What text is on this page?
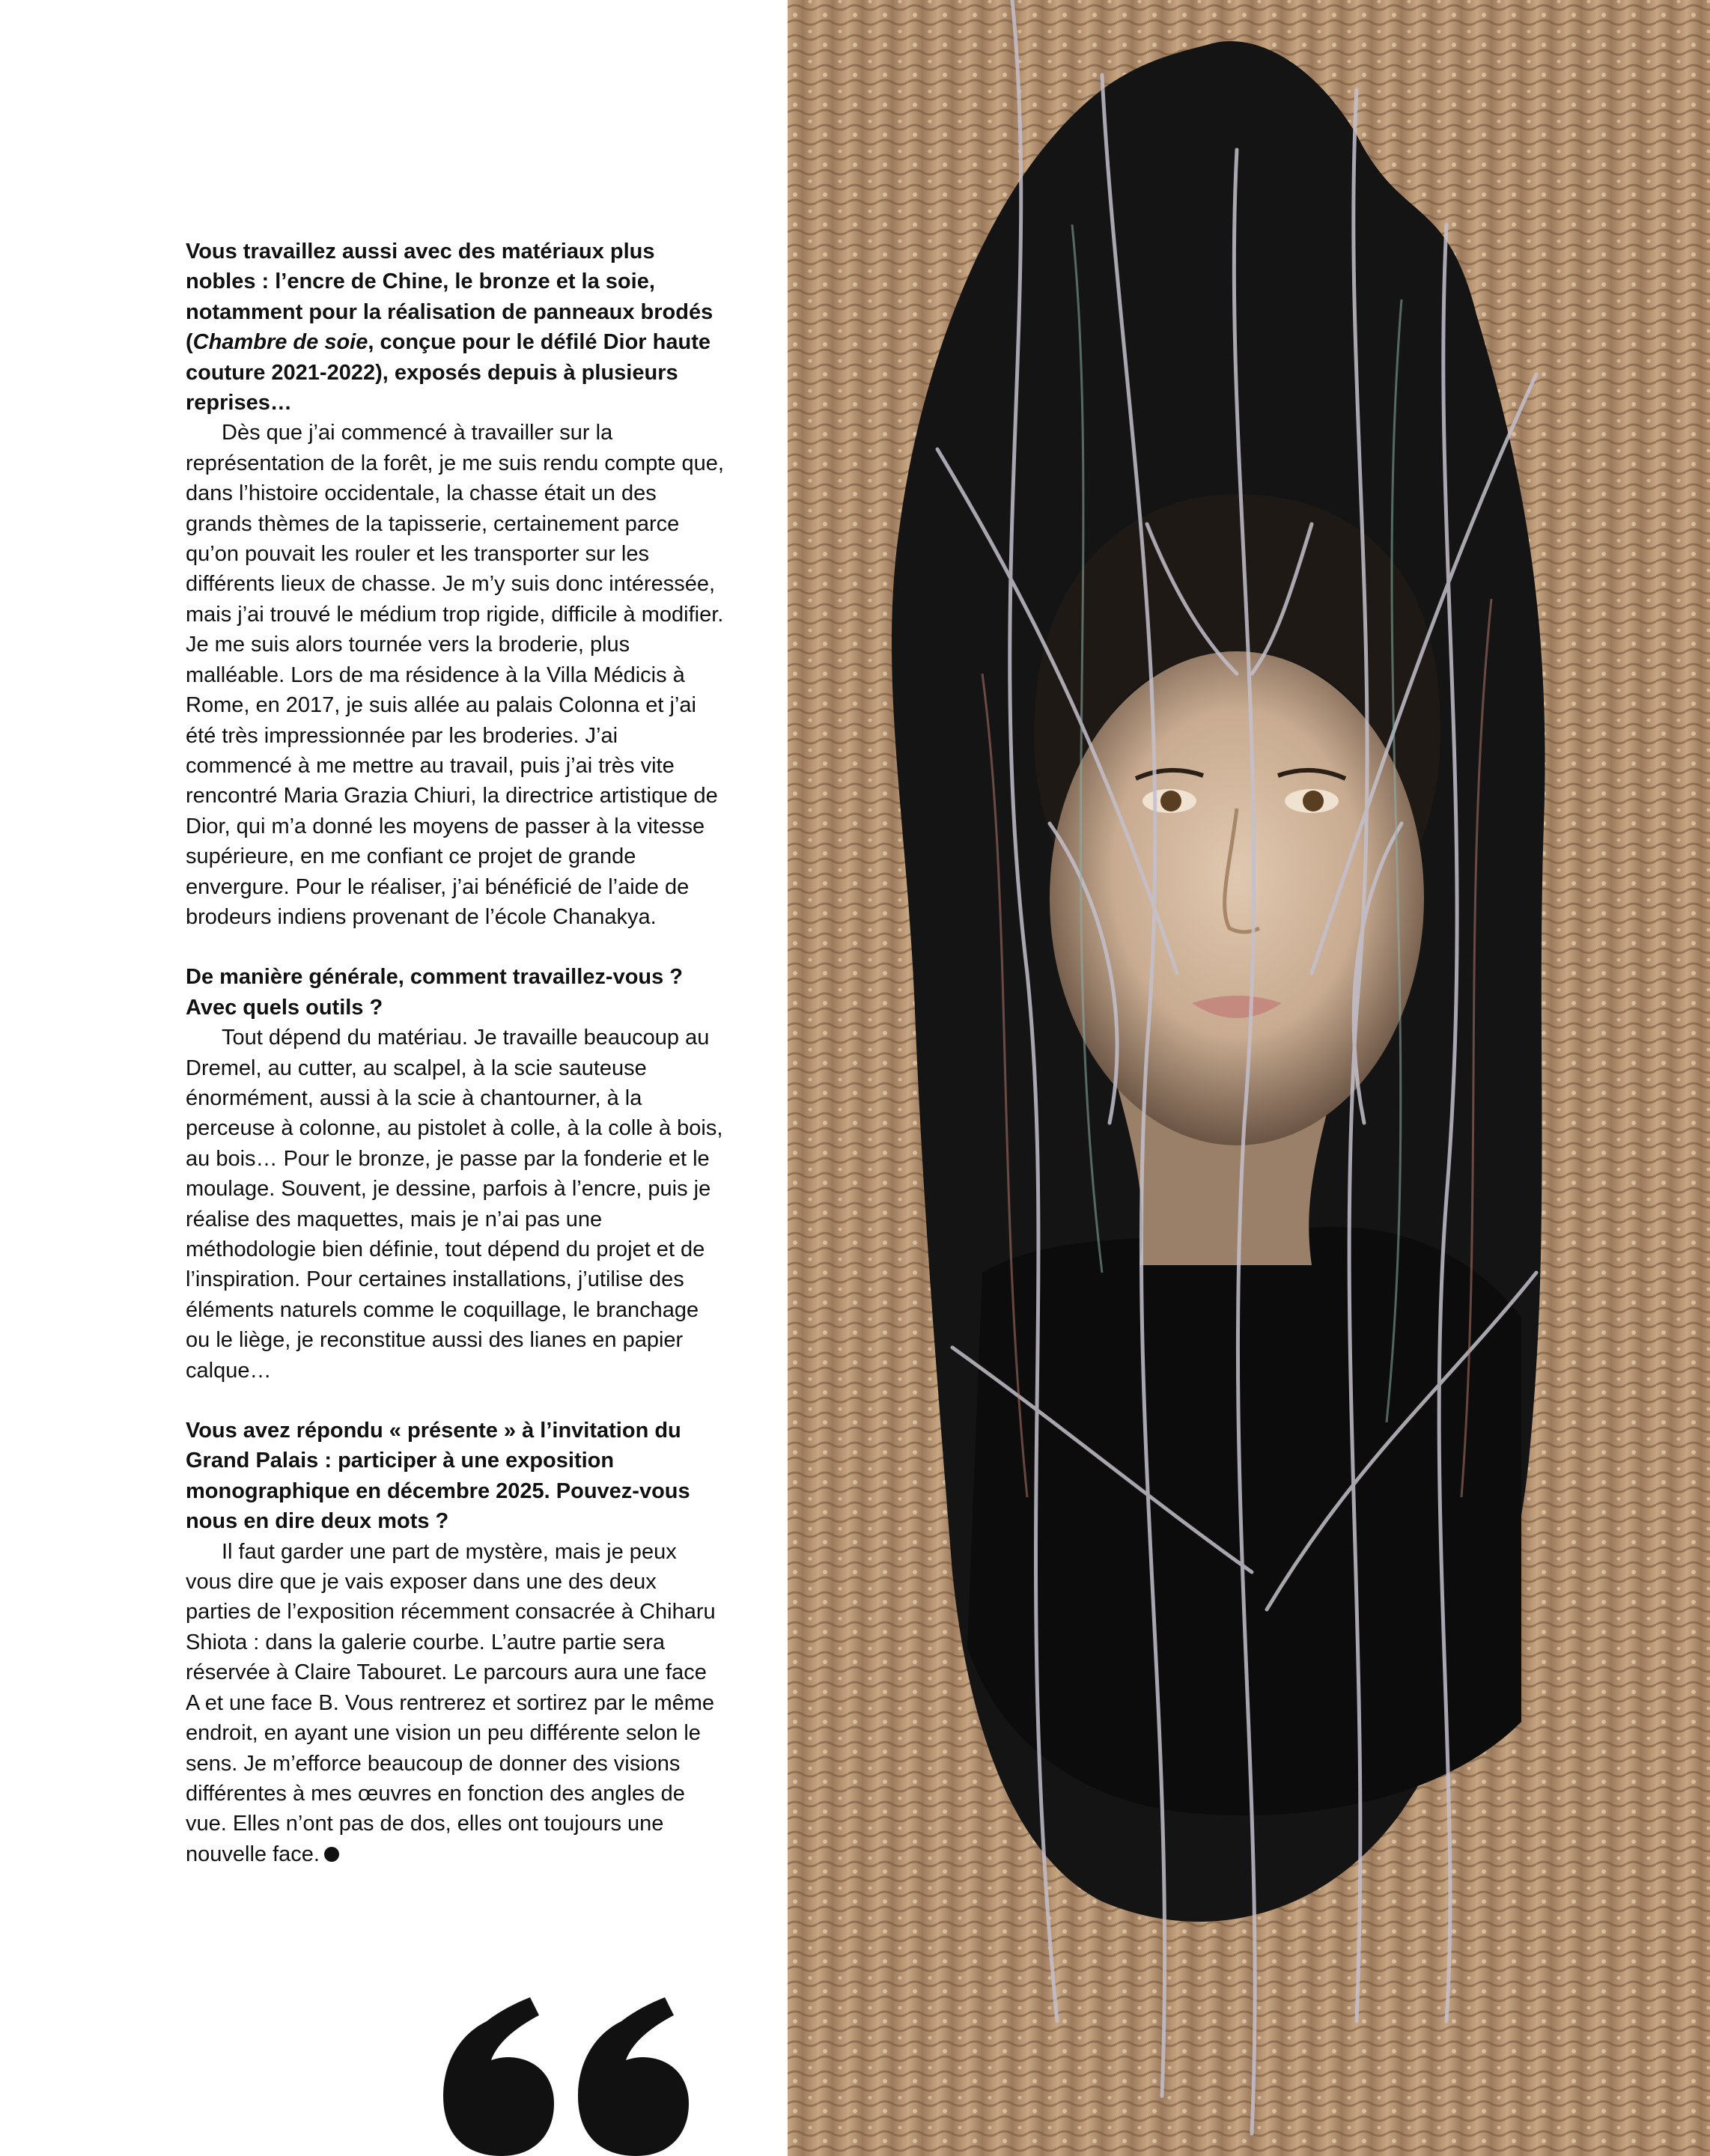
Vous travaillez aussi avec des matériaux plus nobles : l’encre de Chine, le bronze et la soie, notamment pour la réalisation de panneaux brodés (Chambre de soie, conçue pour le défilé Dior haute couture 2021-2022), exposés depuis à plusieurs reprises…

Dès que j’ai commencé à travailler sur la représentation de la forêt, je me suis rendu compte que, dans l’histoire occidentale, la chasse était un des grands thèmes de la tapisserie, certainement parce qu’on pouvait les rouler et les transporter sur les différents lieux de chasse. Je m’y suis donc intéressée, mais j’ai trouvé le médium trop rigide, difficile à modifier. Je me suis alors tournée vers la broderie, plus malléable. Lors de ma résidence à la Villa Médicis à Rome, en 2017, je suis allée au palais Colonna et j’ai été très impressionnée par les broderies. J’ai commencé à me mettre au travail, puis j’ai très vite rencontré Maria Grazia Chiuri, la directrice artistique de Dior, qui m’a donné les moyens de passer à la vitesse supérieure, en me confiant ce projet de grande envergure. Pour le réaliser, j’ai bénéficié de l’aide de brodeurs indiens provenant de l’école Chanakya.

De manière générale, comment travaillez-vous ? Avec quels outils ?

Tout dépend du matériau. Je travaille beaucoup au Dremel, au cutter, au scalpel, à la scie sauteuse énormément, aussi à la scie à chantourner, à la perceuse à colonne, au pistolet à colle, à la colle à bois, au bois… Pour le bronze, je passe par la fonderie et le moulage. Souvent, je dessine, parfois à l’encre, puis je réalise des maquettes, mais je n’ai pas une méthodologie bien définie, tout dépend du projet et de l’inspiration. Pour certaines installations, j’utilise des éléments naturels comme le coquillage, le branchage ou le liège, je reconstitue aussi des lianes en papier calque…

Vous avez répondu « présente » à l’invitation du Grand Palais : participer à une exposition monographique en décembre 2025. Pouvez-vous nous en dire deux mots ?

Il faut garder une part de mystère, mais je peux vous dire que je vais exposer dans une des deux parties de l’exposition récemment consacrée à Chiharu Shiota : dans la galerie courbe. L’autre partie sera réservée à Claire Tabouret. Le parcours aura une face A et une face B. Vous rentrerez et sortirez par le même endroit, en ayant une vision un peu différente selon le sens. Je m’efforce beaucoup de donner des visions différentes à mes œuvres en fonction des angles de vue. Elles n’ont pas de dos, elles ont toujours une nouvelle face.
